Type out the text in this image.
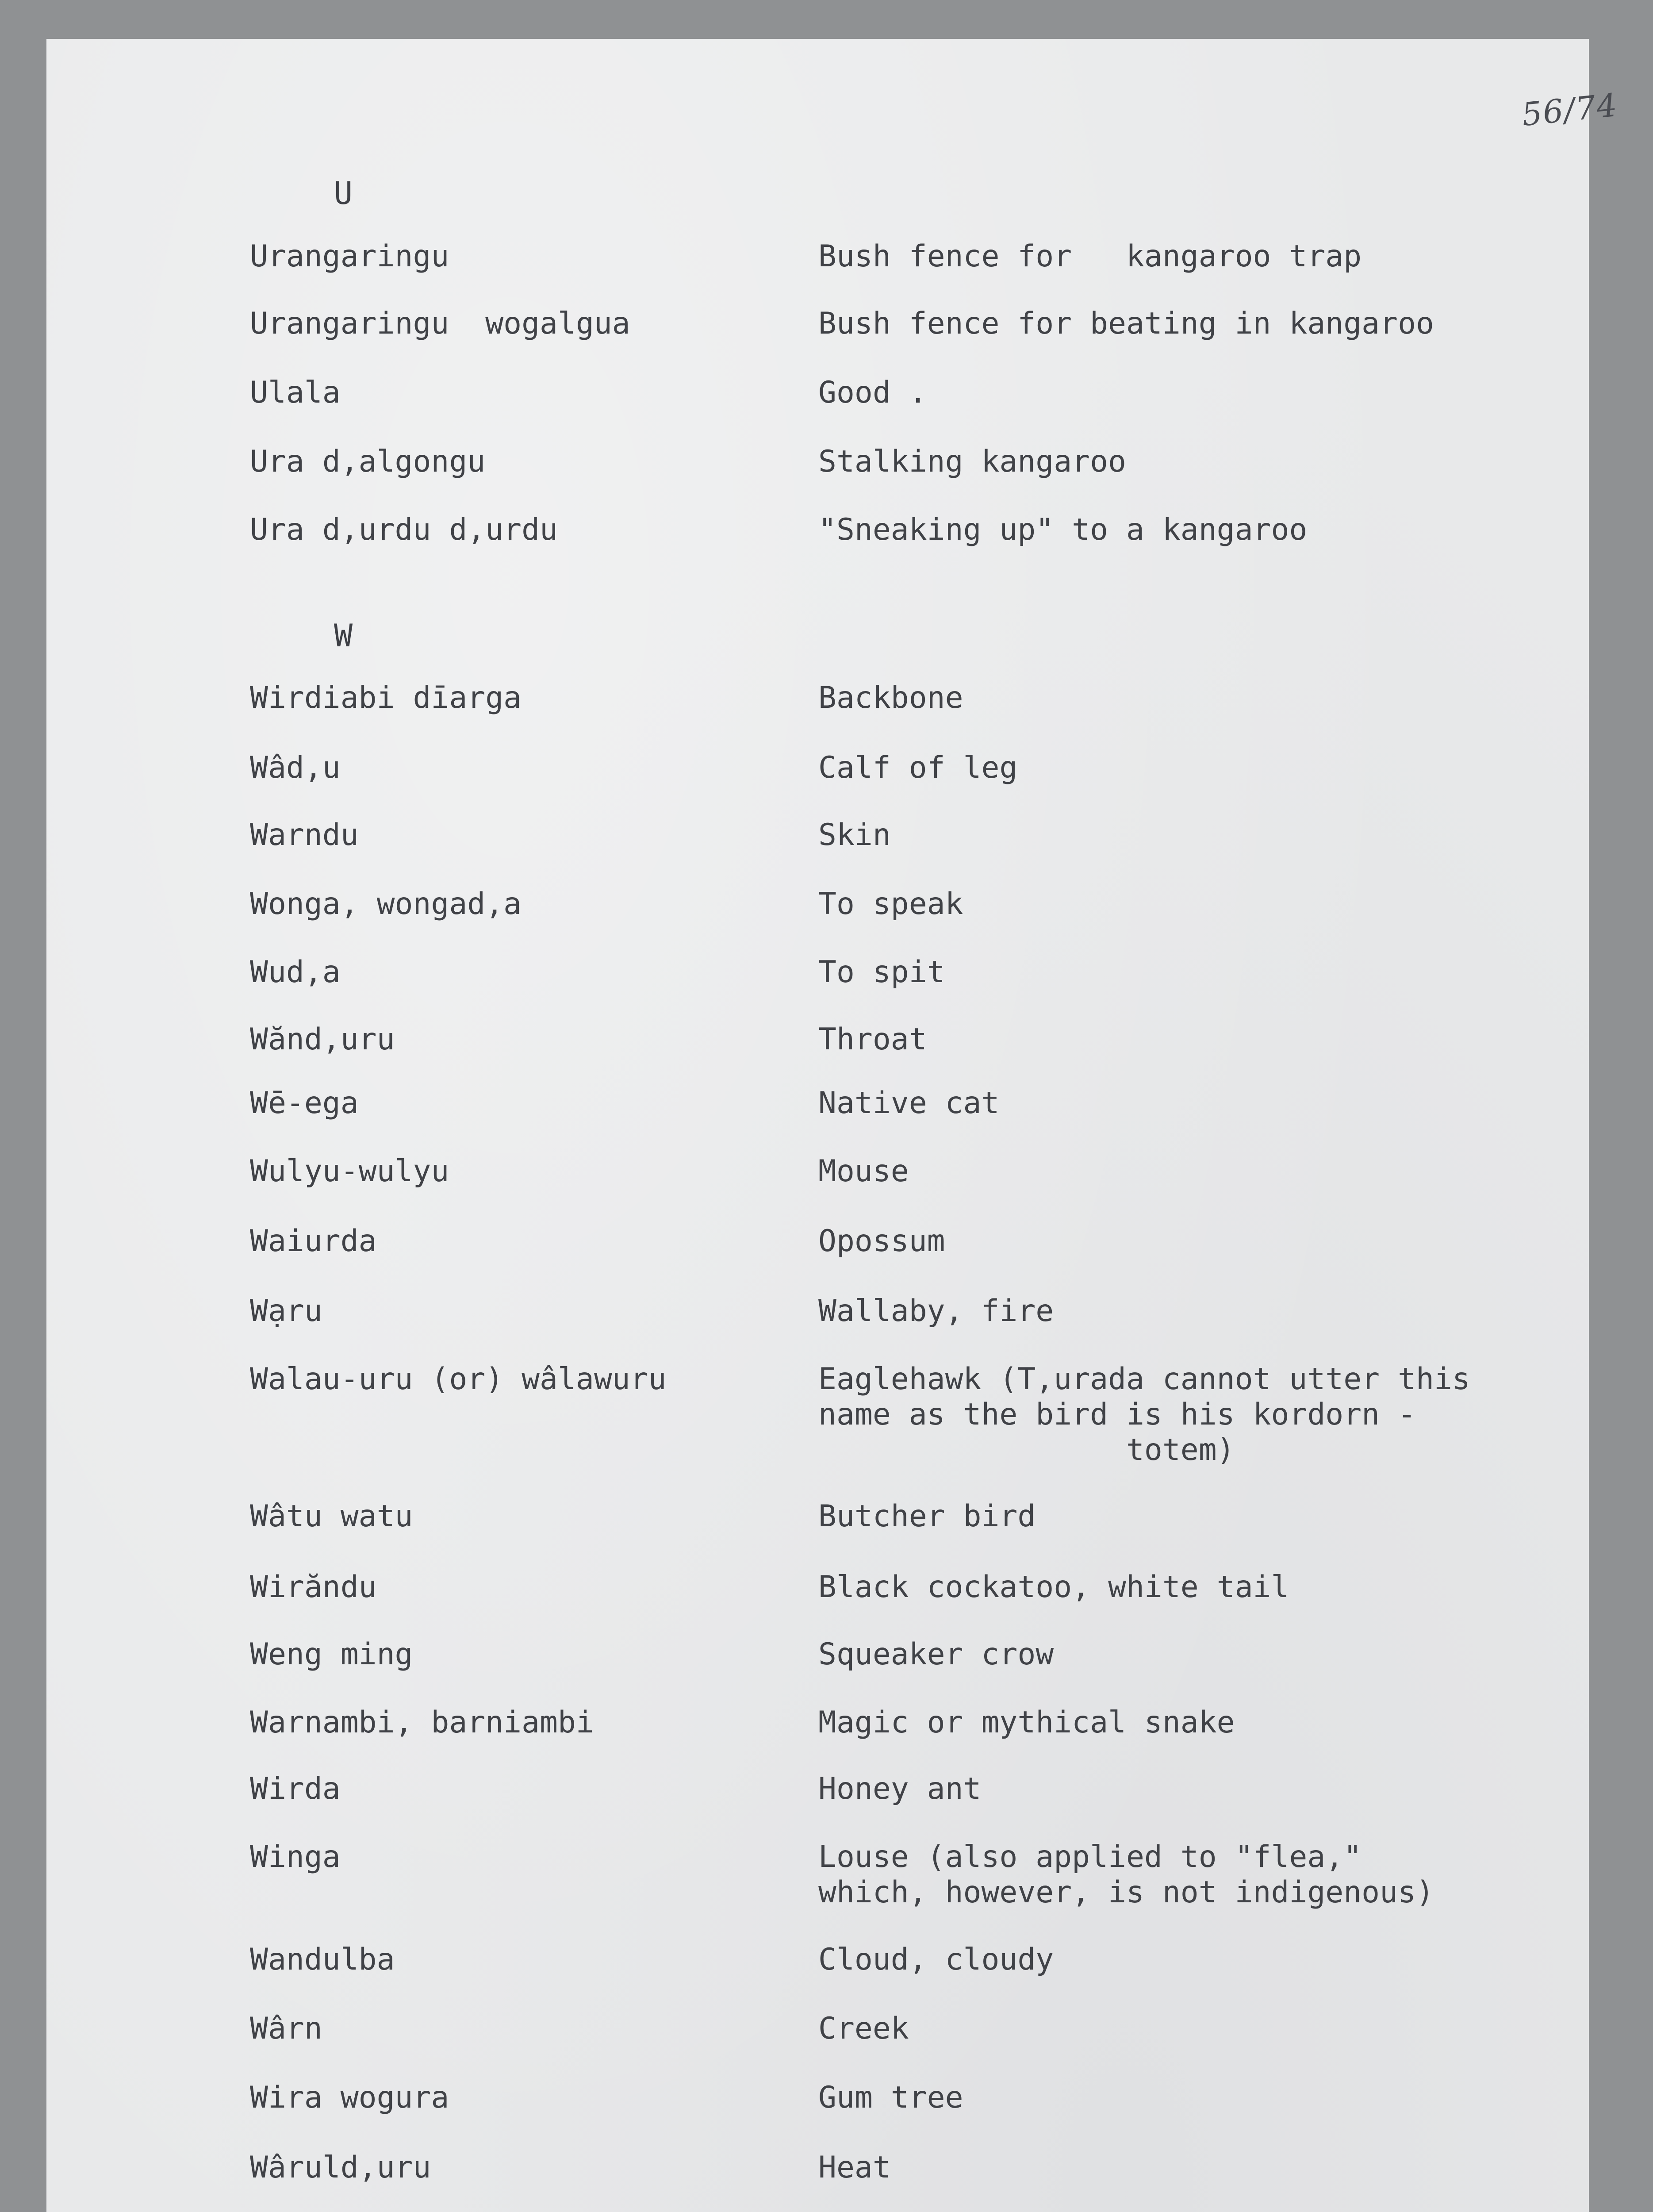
56/74
U

Urangaringu

	Bush fence for   kangaroo trap

Urangaringu  wogalgua

	Bush fence for beating in kangaroo

Ulala

	Good .

Ura d,algongu

	Stalking kangaroo

Ura d,urdu d,urdu

	"Sneaking up" to a kangaroo

W

Wirdiabi dīarga

	Backbone

Wâd,u

	Calf of leg

Warndu

	Skin

Wonga, wongad,a

	To speak

Wud,a

	To spit

Wănd,uru

	Throat

Wē-ega

	Native cat

Wulyu-wulyu

	Mouse

Waiurda

	Opossum

Wạru

	Wallaby, fire

Walau-uru (or) wâlawuru

	Eaglehawk (T,urada cannot utter this
name as the bird is his kordorn -
totem)

Wâtu watu

	Butcher bird

Wirăndu

	Black cockatoo, white tail

Weng ming

	Squeaker crow

Warnambi, barniambi

	Magic or mythical snake

Wirda

	Honey ant

Winga

	Louse (also applied to "flea,"
which, however, is not indigenous)

Wandulba

	Cloud, cloudy

Wârn

	Creek

Wira wogura

	Gum tree

Wâruld,uru

	Heat
